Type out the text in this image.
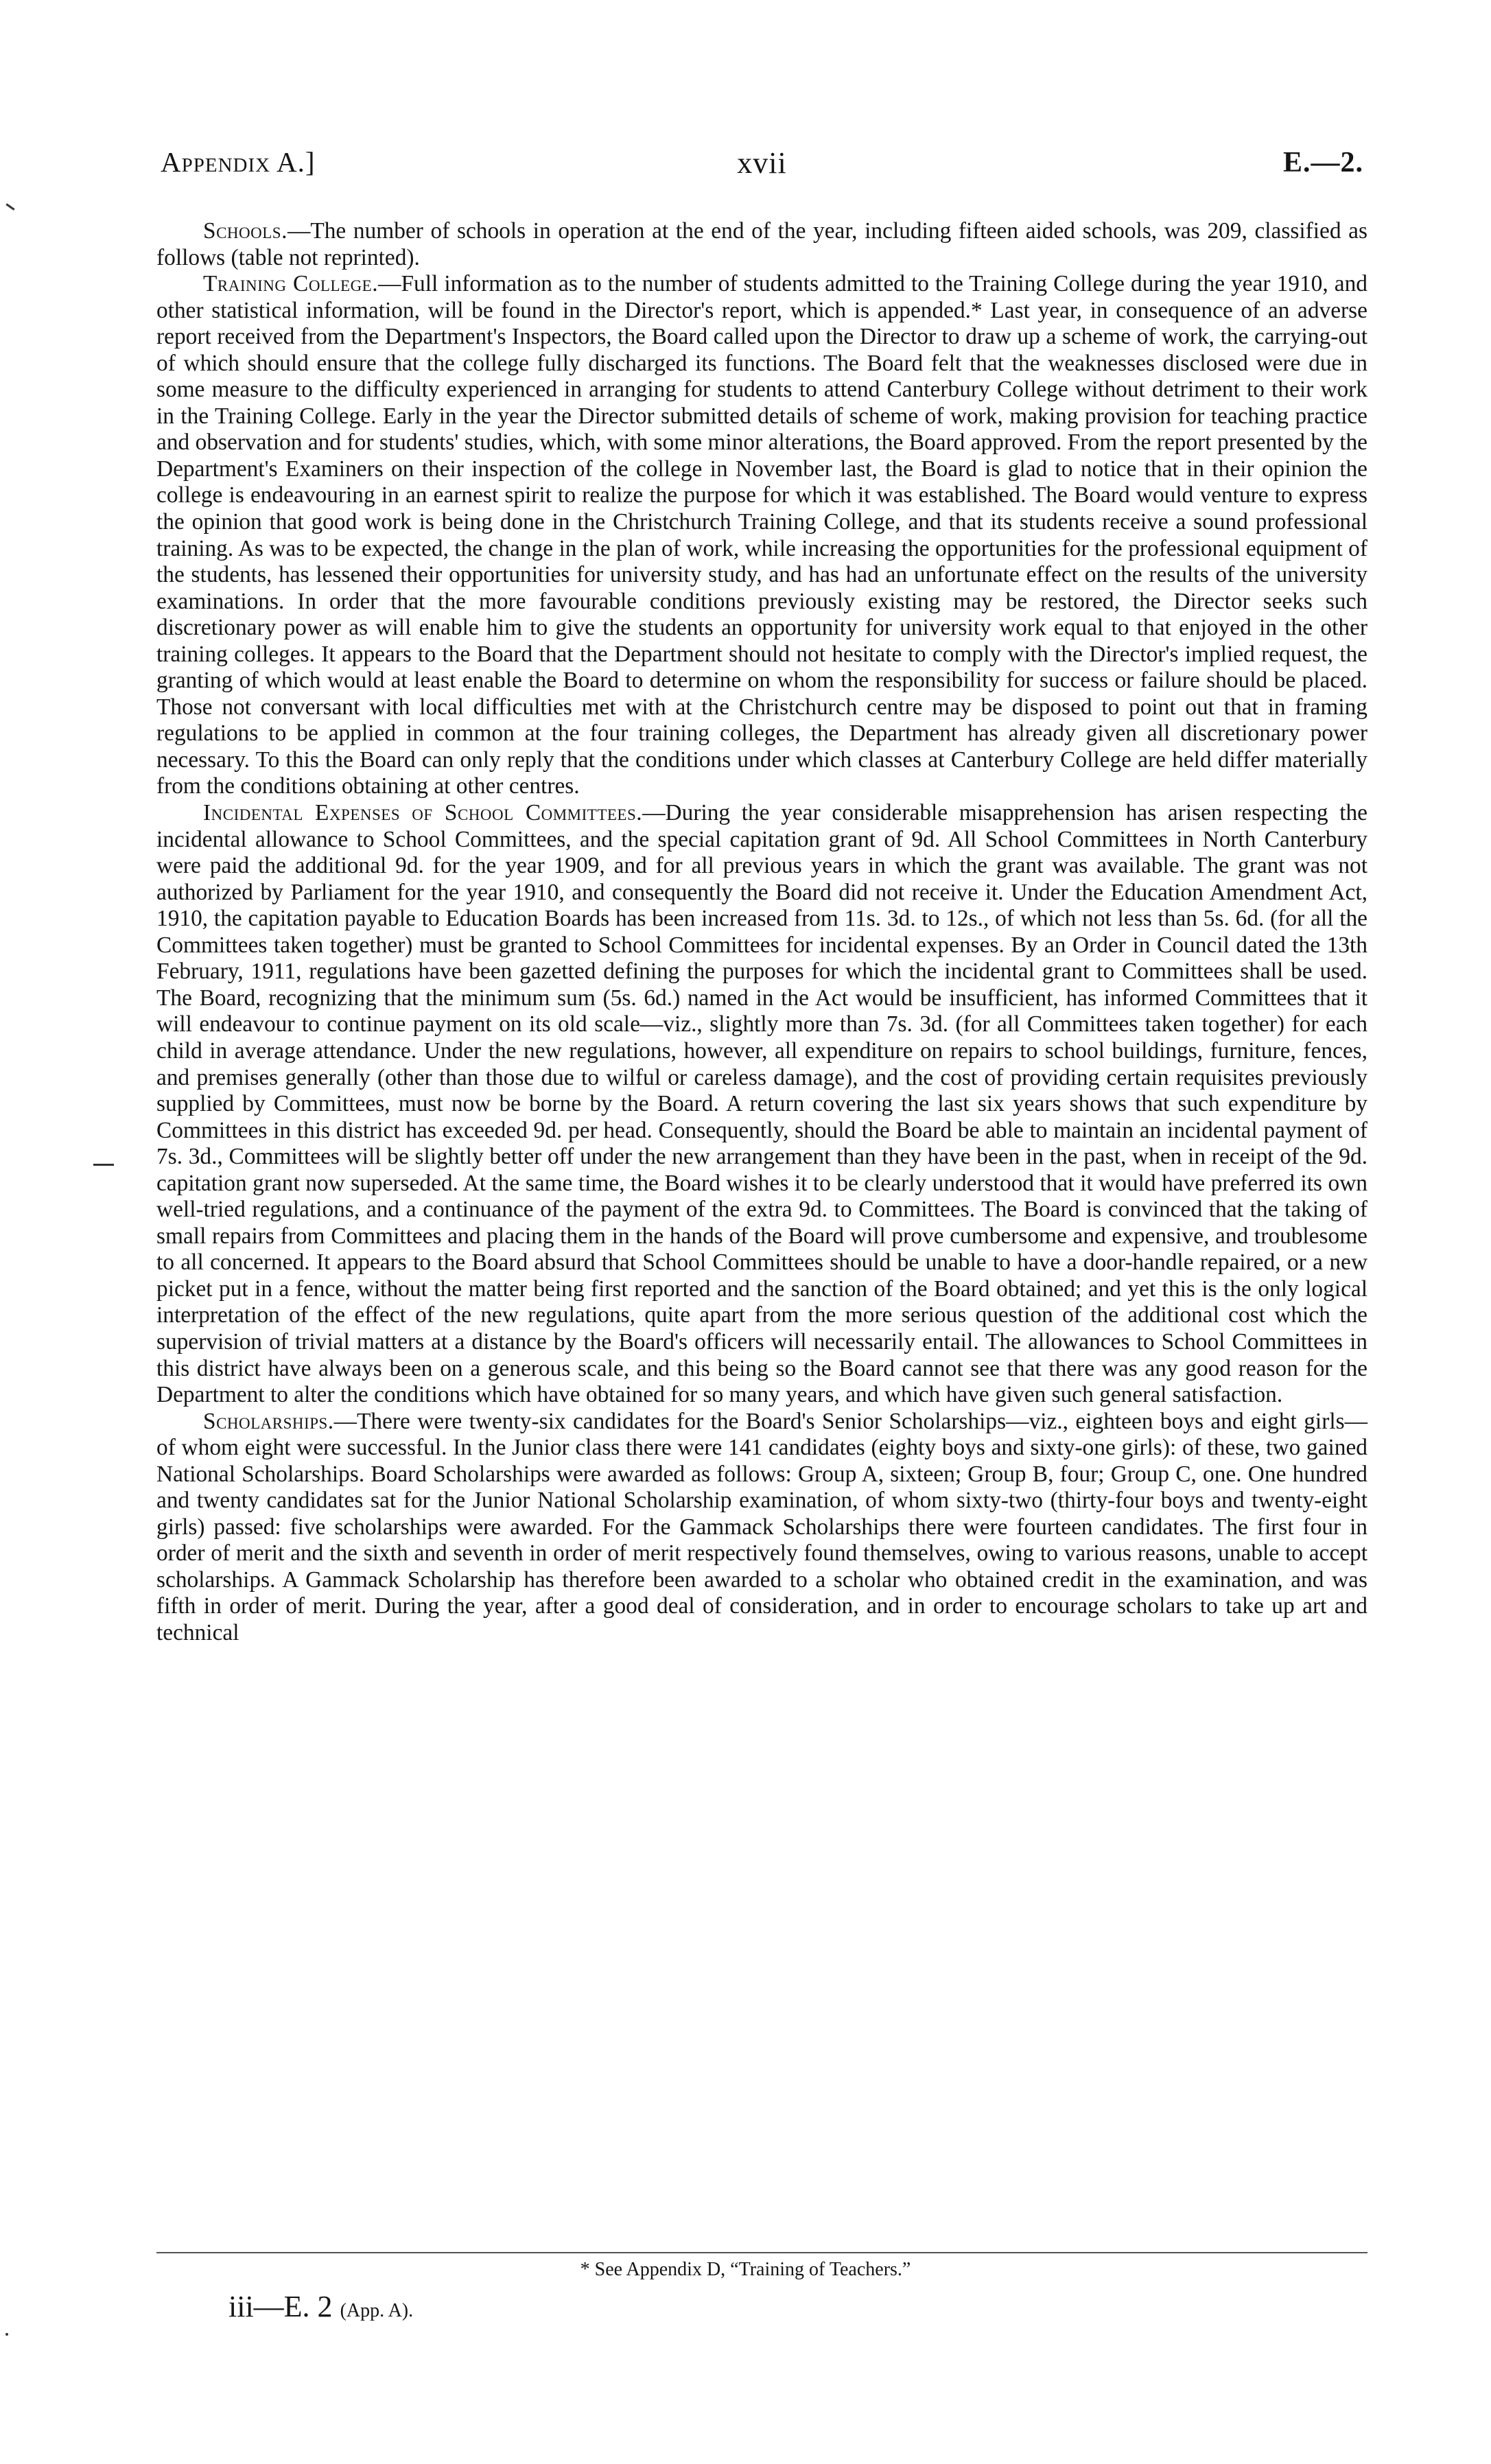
Appendix A.]	xvii	E.—2.

Schools.—The number of schools in operation at the end of the year, including fifteen aided schools, was 209, classified as follows (table not reprinted).

Training College.—Full information as to the number of students admitted to the Training College during the year 1910, and other statistical information, will be found in the Director's report, which is appended.* Last year, in consequence of an adverse report received from the Department's Inspectors, the Board called upon the Director to draw up a scheme of work, the carrying-out of which should ensure that the college fully discharged its functions. The Board felt that the weaknesses disclosed were due in some measure to the difficulty experienced in arranging for students to attend Canterbury College without detriment to their work in the Training College. Early in the year the Director submitted details of scheme of work, making provision for teaching practice and observation and for students' studies, which, with some minor alterations, the Board approved. From the report presented by the Department's Examiners on their inspection of the college in November last, the Board is glad to notice that in their opinion the college is endeavouring in an earnest spirit to realize the purpose for which it was established. The Board would venture to express the opinion that good work is being done in the Christchurch Training College, and that its students receive a sound professional training. As was to be expected, the change in the plan of work, while increasing the opportunities for the professional equipment of the students, has lessened their opportunities for university study, and has had an unfortunate effect on the results of the university examinations. In order that the more favourable conditions previously existing may be restored, the Director seeks such discretionary power as will enable him to give the students an opportunity for university work equal to that enjoyed in the other training colleges. It appears to the Board that the Department should not hesitate to comply with the Director's implied request, the granting of which would at least enable the Board to determine on whom the responsibility for success or failure should be placed. Those not conversant with local difficulties met with at the Christchurch centre may be disposed to point out that in framing regulations to be applied in common at the four training colleges, the Department has already given all discretionary power necessary. To this the Board can only reply that the conditions under which classes at Canterbury College are held differ materially from the conditions obtaining at other centres.

Incidental Expenses of School Committees.—During the year considerable misapprehension has arisen respecting the incidental allowance to School Committees, and the special capitation grant of 9d. All School Committees in North Canterbury were paid the additional 9d. for the year 1909, and for all previous years in which the grant was available. The grant was not authorized by Parliament for the year 1910, and consequently the Board did not receive it. Under the Education Amendment Act, 1910, the capitation payable to Education Boards has been increased from 11s. 3d. to 12s., of which not less than 5s. 6d. (for all the Committees taken together) must be granted to School Committees for incidental expenses. By an Order in Council dated the 13th February, 1911, regulations have been gazetted defining the purposes for which the incidental grant to Committees shall be used. The Board, recognizing that the minimum sum (5s. 6d.) named in the Act would be insufficient, has informed Committees that it will endeavour to continue payment on its old scale—viz., slightly more than 7s. 3d. (for all Committees taken together) for each child in average attendance. Under the new regulations, however, all expenditure on repairs to school buildings, furniture, fences, and premises generally (other than those due to wilful or careless damage), and the cost of providing certain requisites previously supplied by Committees, must now be borne by the Board. A return covering the last six years shows that such expenditure by Committees in this district has exceeded 9d. per head. Consequently, should the Board be able to maintain an incidental payment of 7s. 3d., Committees will be slightly better off under the new arrangement than they have been in the past, when in receipt of the 9d. capitation grant now superseded. At the same time, the Board wishes it to be clearly understood that it would have preferred its own well-tried regulations, and a continuance of the payment of the extra 9d. to Committees. The Board is convinced that the taking of small repairs from Committees and placing them in the hands of the Board will prove cumbersome and expensive, and troublesome to all concerned. It appears to the Board absurd that School Committees should be unable to have a door-handle repaired, or a new picket put in a fence, without the matter being first reported and the sanction of the Board obtained; and yet this is the only logical interpretation of the effect of the new regulations, quite apart from the more serious question of the additional cost which the supervision of trivial matters at a distance by the Board's officers will necessarily entail. The allowances to School Committees in this district have always been on a generous scale, and this being so the Board cannot see that there was any good reason for the Department to alter the conditions which have obtained for so many years, and which have given such general satisfaction.

Scholarships.—There were twenty-six candidates for the Board's Senior Scholarships—viz., eighteen boys and eight girls—of whom eight were successful. In the Junior class there were 141 candidates (eighty boys and sixty-one girls): of these, two gained National Scholarships. Board Scholarships were awarded as follows: Group A, sixteen; Group B, four; Group C, one. One hundred and twenty candidates sat for the Junior National Scholarship examination, of whom sixty-two (thirty-four boys and twenty-eight girls) passed: five scholarships were awarded. For the Gammack Scholarships there were fourteen candidates. The first four in order of merit and the sixth and seventh in order of merit respectively found themselves, owing to various reasons, unable to accept scholarships. A Gammack Scholarship has therefore been awarded to a scholar who obtained credit in the examination, and was fifth in order of merit. During the year, after a good deal of consideration, and in order to encourage scholars to take up art and technical

* See Appendix D, “Training of Teachers.”
iii—E. 2 (App. A).
